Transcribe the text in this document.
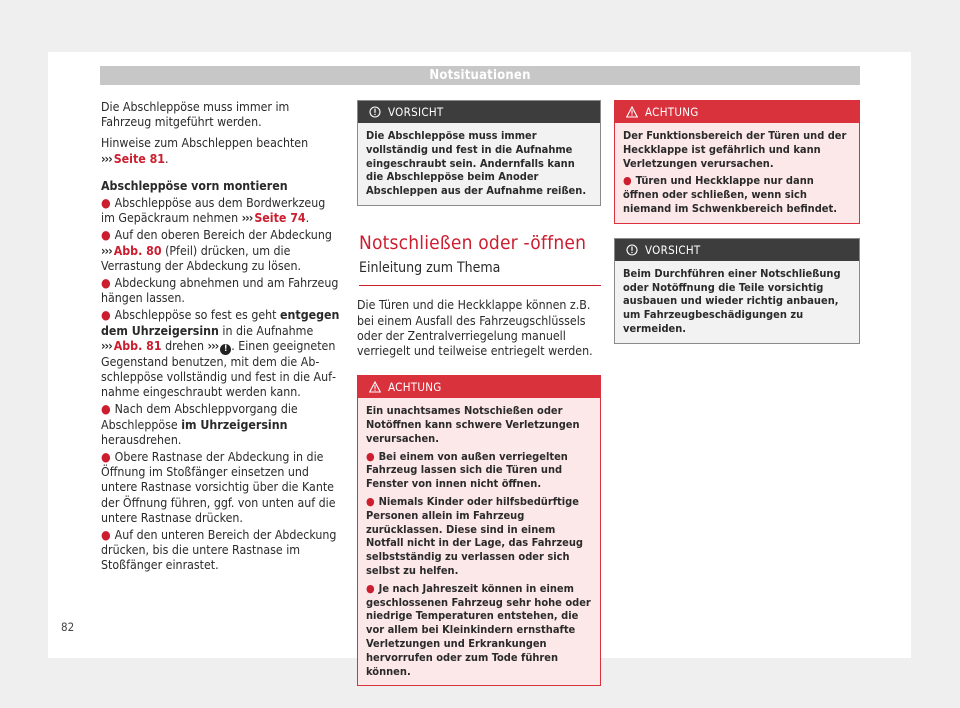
Notsituationen

Die Abschleppöse muss immer im Fahrzeug mitgeführt werden.

Hinweise zum Abschleppen beachten ››› Seite 81.

Abschleppöse vorn montieren
● Abschleppöse aus dem Bordwerkzeug im Gepäckraum nehmen ››› Seite 74.
● Auf den oberen Bereich der Abdeckung ››› Abb. 80 (Pfeil) drücken, um die Verrastung der Abdeckung zu lösen.
● Abdeckung abnehmen und am Fahrzeug hängen lassen.
● Abschleppöse so fest es geht entgegen dem Uhrzeigersinn in die Aufnahme ››› Abb. 81 drehen ››› ! . Einen geeigneten Gegenstand benutzen, mit dem die Abschleppöse vollständig und fest in die Aufnahme eingeschraubt werden kann.
● Nach dem Abschleppvorgang die Abschleppöse im Uhrzeigersinn herausdrehen.
● Obere Rastnase der Abdeckung in die Öffnung im Stoßfänger einsetzen und untere Rastnase vorsichtig über die Kante der Öffnung führen, ggf. von unten auf die untere Rastnase drücken.
● Auf den unteren Bereich der Abdeckung drücken, bis die untere Rastnase im Stoßfänger einrastet.
VORSICHT
Die Abschleppöse muss immer vollständig und fest in die Aufnahme eingeschraubt sein. Andernfalls kann die Abschleppöse beim Anoder Abschleppen aus der Aufnahme reißen.
Notschließen oder -öffnen
Einleitung zum Thema

Die Türen und die Heckklappe können z.B. bei einem Ausfall des Fahrzeugschlüssels oder der Zentralverriegelung manuell verriegelt und teilweise entriegelt werden.

ACHTUNG
Ein unachtsames Notschießen oder Notöffnen kann schwere Verletzungen verursachen.
● Bei einem von außen verriegelten Fahrzeug lassen sich die Türen und Fenster von innen nicht öffnen.
● Niemals Kinder oder hilfsbedürftige Personen allein im Fahrzeug zurücklassen. Diese sind in einem Notfall nicht in der Lage, das Fahrzeug selbstständig zu verlassen oder sich selbst zu helfen.
● Je nach Jahreszeit können in einem geschlossenen Fahrzeug sehr hohe oder niedrige Temperaturen entstehen, die vor allem bei Kleinkindern ernsthafte Verletzungen und Erkrankungen hervorrufen oder zum Tode führen können.
ACHTUNG
Der Funktionsbereich der Türen und der Heckklappe ist gefährlich und kann Verletzungen verursachen.
● Türen und Heckklappe nur dann öffnen oder schließen, wenn sich niemand im Schwenkbereich befindet.
VORSICHT
Beim Durchführen einer Notschließung oder Notöffnung die Teile vorsichtig ausbauen und wieder richtig anbauen, um Fahrzeugbeschädigungen zu vermeiden.
82
